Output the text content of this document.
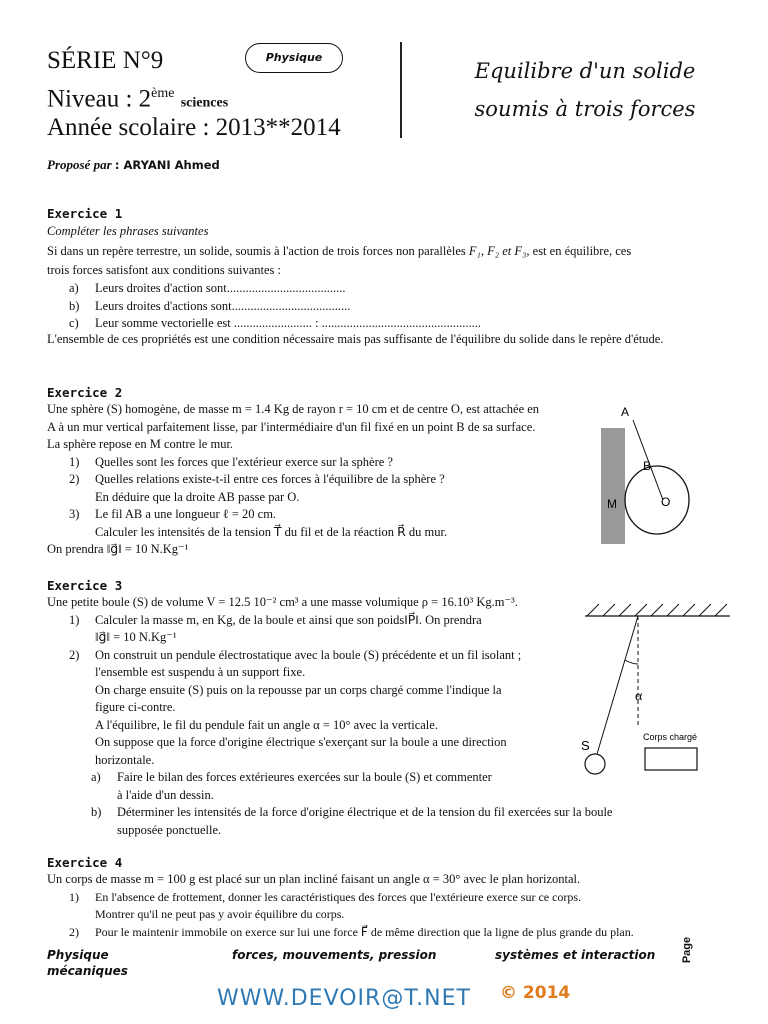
SÉRIE N°9
Niveau : 2ème sciences
Année scolaire : 2013**2014
Physique
Equilibre d'un solide
soumis à trois forces
Proposé par : ARYANI Ahmed
Exercice 1
Compléter les phrases suivantes
Si dans un repère terrestre, un solide, soumis à l'action de trois forces non parallèles F₁, F₂ et F₃, est en équilibre, ces
trois forces satisfont aux conditions suivantes :
a) Leurs droites d'action sont......................................
b) Leurs droites d'actions sont......................................
c) Leur somme vectorielle est ......................... : ...................................................
L'ensemble de ces propriétés est une condition nécessaire mais pas suffisante de l'équilibre du solide dans le repère d'étude.
Exercice 2
Une sphère (S) homogène, de masse m = 1.4 Kg de rayon r = 10 cm et de centre O, est attachée en
A à un mur vertical parfaitement lisse, par l'intermédiaire d'un fil fixé en un point B de sa surface.
La sphère repose en M contre le mur.
1) Quelles sont les forces que l'extérieur exerce sur la sphère ?
2) Quelles relations existe-t-il entre ces forces à l'équilibre de la sphère ?
En déduire que la droite AB passe par O.
3) Le fil AB a une longueur ℓ = 20 cm.
Calculer les intensités de la tension T⃗ du fil et de la réaction R⃗ du mur.
On prendra ‖g⃗‖ = 10 N.Kg⁻¹
A
B
M	O
Exercice 3
Une petite boule (S) de volume V = 12.5 10⁻² cm³ a une masse volumique ρ = 16.10³ Kg.m⁻³.
1) Calculer la masse m, en Kg, de la boule et ainsi que son poids‖P⃗‖. On prendra
‖g⃗‖ = 10 N.Kg⁻¹
2) On construit un pendule électrostatique avec la boule (S) précédente et un fil isolant ;
l'ensemble est suspendu à un support fixe.
On charge ensuite (S) puis on la repousse par un corps chargé comme l'indique la
figure ci-contre.
A l'équilibre, le fil du pendule fait un angle α = 10° avec la verticale.
On suppose que la force d'origine électrique s'exerçant sur la boule a une direction
horizontale.
a) Faire le bilan des forces extérieures exercées sur la boule (S) et commenter
à l'aide d'un dessin.
b) Déterminer les intensités de la force d'origine électrique et de la tension du fil exercées sur la boule
supposée ponctuelle.
α
S
Corps chargé
Exercice 4
Un corps de masse m = 100 g est placé sur un plan incliné faisant un angle α = 30° avec le plan horizontal.
1) En l'absence de frottement, donner les caractéristiques des forces que l'extérieure exerce sur ce corps.
Montrer qu'il ne peut pas y avoir équilibre du corps.
2) Pour le maintenir immobile on exerce sur lui une force F⃗ de même direction que la ligne de plus grande du plan.
Physique
mécaniques
forces, mouvements, pression	systèmes et interaction Page
WWW.DEVOIR@T.NET © 2014
